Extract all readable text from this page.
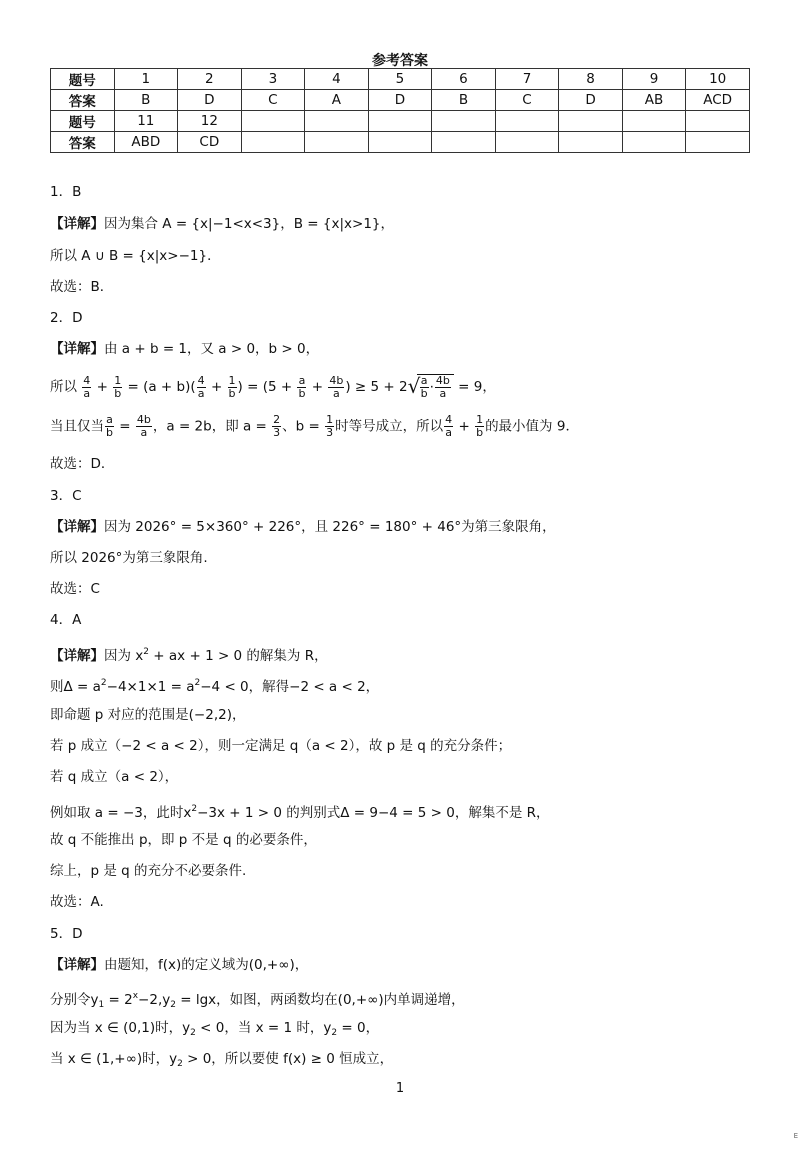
参考答案
题号	1	2	3	4	5	6	7	8	9	10
答案	B	D	C	A	D	B	C	D	AB	ACD
题号	11	12								
答案	ABD	CD								
1．B
【详解】因为集合 A = {x|−1<x<3}，B = {x|x>1}，
所以 A ∪ B = {x|x>−1}．
故选：B．
2．D
【详解】由 a + b = 1，又 a > 0，b > 0，
所以 $\frac{4}{a} + \frac{1}{b} = (a + b)( \frac{4}{a} + \frac{1}{b}$ ) = ($5 + \frac{a}{b} + \frac{4b}{a}$ ) ≥ 5 + 2 √ $\frac{a}{b} \cdot \frac{4b}{a} = 9$，
当且仅当 $\frac{a}{b} = \frac{4b}{a}$ ，a = 2b，即 $a = \frac{2}{3}$ 、$b = \frac{1}{3}$ 时等号成立，所以 $\frac{4}{a} + \frac{1}{b}$ 的最小值为 9．
故选：D．
3．C
【详解】因为 2026° = 5×360° + 226°，且 226° = 180° + 46°为第三象限角，
所以 2026°为第三象限角.
故选：C
4．A
【详解】因为 $x^2$ + ax + 1 > 0 的解集为 R，
则$\Delta = a^2-4\times 1\times 1 = a^2-4 < 0$，解得−2 < a < 2，
即命题 p 对应的范围是(−2,2)，
若 p 成立（−2 < a < 2），则一定满足 q（a < 2），故 p 是 q 的充分条件；
若 q 成立（a < 2），
例如取 a = −3，此时$x^2-3x + 1 > 0$ 的判别式Δ = 9−4 = 5 > 0，解集不是 R，
故 q 不能推出 p，即 p 不是 q 的必要条件，
综上，p 是 q 的充分不必要条件.
故选：A.
5．D
【详解】由题知，f(x)的定义域为(0,+∞)，
分别令$y_1 = 2^x-2,y_2 = \lg x$，如图，两函数均在(0,+∞)内单调递增，
因为当 x ∈ (0,1)时，$y_2 < 0$，当 x = 1 时，$y_2 = 0$，
当 x ∈ (1,+∞)时，$y_2 > 0$，所以要使 f(x) ≥ 0 恒成立，
1
E
